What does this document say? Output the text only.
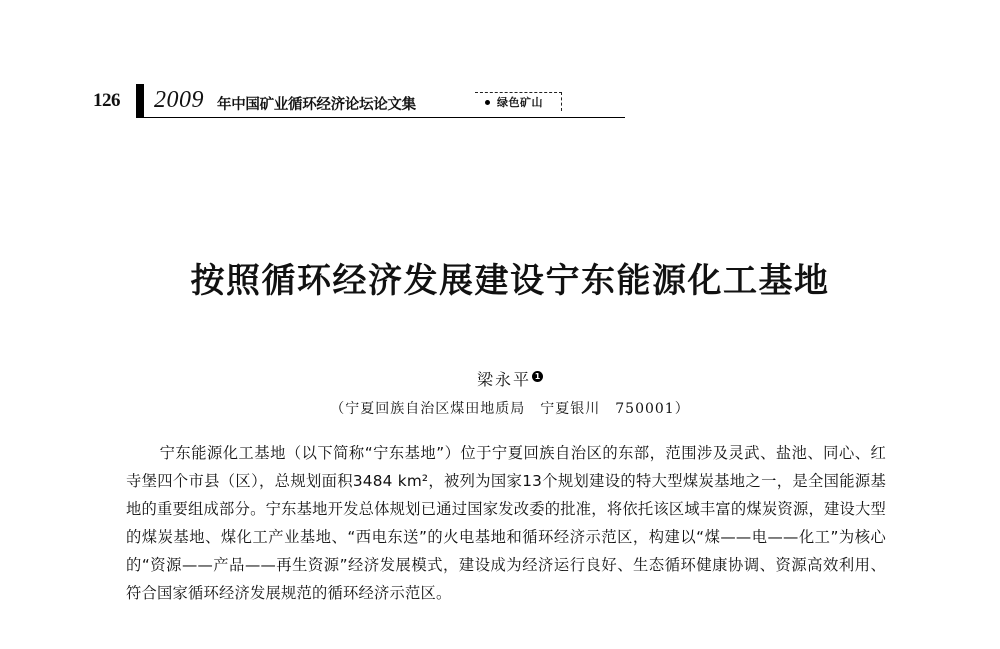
126 2009 年中国矿业循环经济论坛论文集	绿色矿山
按照循环经济发展建设宁东能源化工基地
梁永平 1
（宁夏回族自治区煤田地质局　宁夏银川　750001）

宁东能源化工基地（以下简称“宁东基地”）位于宁夏回族自治区的东部，范围涉及灵武、盐池、同心、红寺堡四个市县（区），总规划面积3484 km²，被列为国家13个规划建设的特大型煤炭基地之一，是全国能源基地的重要组成部分。宁东基地开发总体规划已通过国家发改委的批准，将依托该区域丰富的煤炭资源，建设大型的煤炭基地、煤化工产业基地、“西电东送”的火电基地和循环经济示范区，构建以“煤——电——化工”为核心的“资源——产品——再生资源”经济发展模式，建设成为经济运行良好、生态循环健康协调、资源高效利用、符合国家循环经济发展规范的循环经济示范区。
